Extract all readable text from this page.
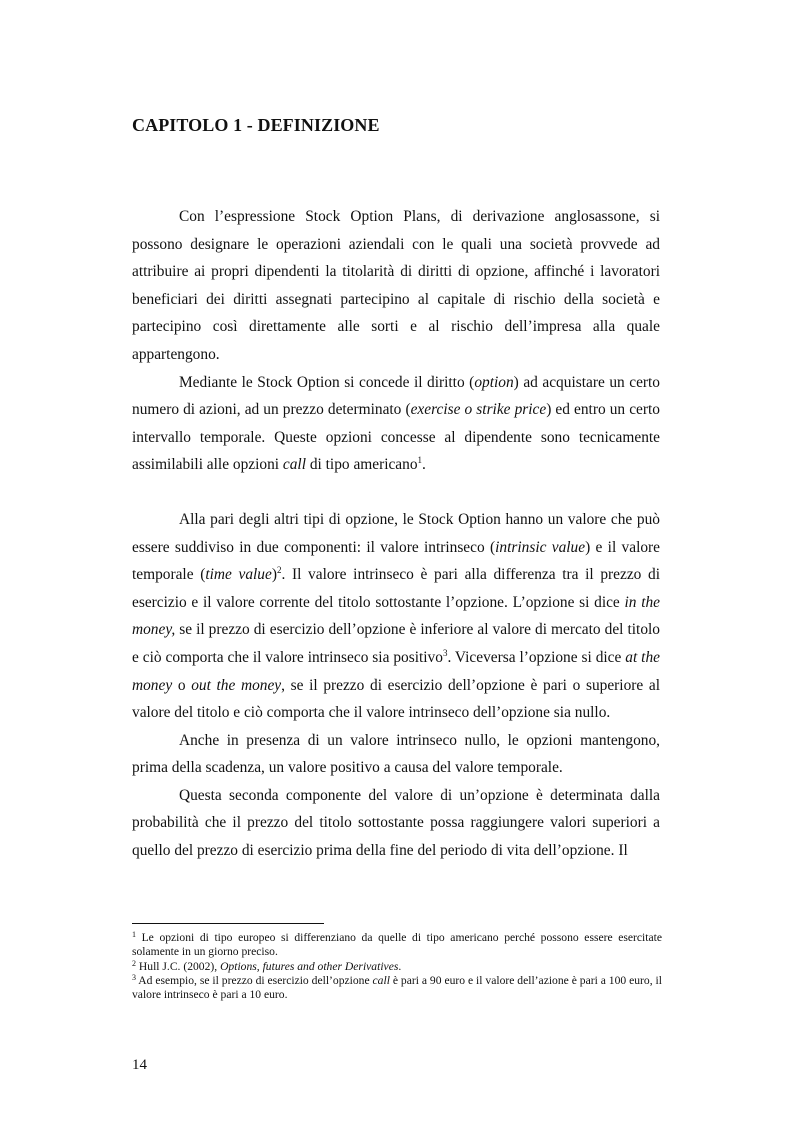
CAPITOLO 1 - DEFINIZIONE

Con l’espressione Stock Option Plans, di derivazione anglosassone, si possono designare le operazioni aziendali con le quali una società provvede ad attribuire ai propri dipendenti la titolarità di diritti di opzione, affinché i lavoratori beneficiari dei diritti assegnati partecipino al capitale di rischio della società e partecipino così direttamente alle sorti e al rischio dell’impresa alla quale appartengono.

Mediante le Stock Option si concede il diritto (option) ad acquistare un certo numero di azioni, ad un prezzo determinato (exercise o strike price) ed entro un certo intervallo temporale. Queste opzioni concesse al dipendente sono tecnicamente assimilabili alle opzioni call di tipo americano$^1$.

Alla pari degli altri tipi di opzione, le Stock Option hanno un valore che può essere suddiviso in due componenti: il valore intrinseco (intrinsic value) e il valore temporale (time value)$^2$. Il valore intrinseco è pari alla differenza tra il prezzo di esercizio e il valore corrente del titolo sottostante l’opzione. L’opzione si dice in the money, se il prezzo di esercizio dell’opzione è inferiore al valore di mercato del titolo e ciò comporta che il valore intrinseco sia positivo$^3$. Viceversa l’opzione si dice at the money o out the money, se il prezzo di esercizio dell’opzione è pari o superiore al valore del titolo e ciò comporta che il valore intrinseco dell’opzione sia nullo.

Anche in presenza di un valore intrinseco nullo, le opzioni mantengono, prima della scadenza, un valore positivo a causa del valore temporale.

Questa seconda componente del valore di un’opzione è determinata dalla probabilità che il prezzo del titolo sottostante possa raggiungere valori superiori a quello del prezzo di esercizio prima della fine del periodo di vita dell’opzione. Il

$^1$ Le opzioni di tipo europeo si differenziano da quelle di tipo americano perché possono essere esercitate solamente in un giorno preciso.

$^2$ Hull J.C. (2002), Options, futures and other Derivatives.

$^3$ Ad esempio, se il prezzo di esercizio dell’opzione call è pari a 90 euro e il valore dell’azione è pari a 100 euro, il valore intrinseco è pari a 10 euro.

14
